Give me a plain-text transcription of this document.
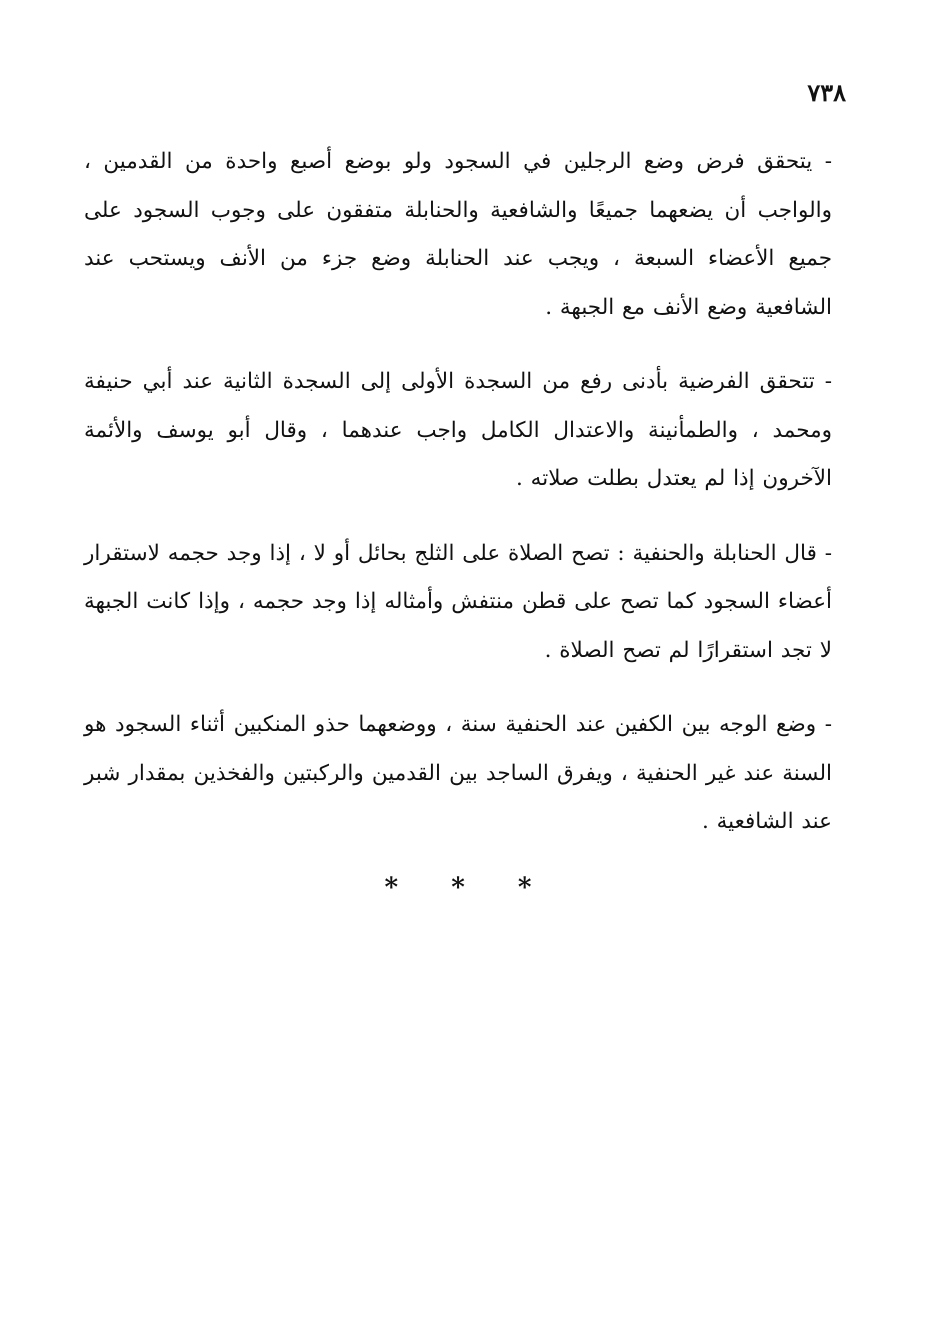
٧٣٨

- يتحقق فرض وضع الرجلين في السجود ولو بوضع أصبع واحدة من القدمين ، والواجب أن يضعهما جميعًا والشافعية والحنابلة متفقون على وجوب السجود على جميع الأعضاء السبعة ، ويجب عند الحنابلة وضع جزء من الأنف ويستحب عند الشافعية وضع الأنف مع الجبهة .

- تتحقق الفرضية بأدنى رفع من السجدة الأولى إلى السجدة الثانية عند أبي حنيفة ومحمد ، والطمأنينة والاعتدال الكامل واجب عندهما ، وقال أبو يوسف والأئمة الآخرون إذا لم يعتدل بطلت صلاته .

- قال الحنابلة والحنفية : تصح الصلاة على الثلج بحائل أو لا ، إذا وجد حجمه لاستقرار أعضاء السجود كما تصح على قطن منتفش وأمثاله إذا وجد حجمه ، وإذا كانت الجبهة لا تجد استقرارًا لم تصح الصلاة .

- وضع الوجه بين الكفين عند الحنفية سنة ، ووضعهما حذو المنكبين أثناء السجود هو السنة عند غير الحنفية ، ويفرق الساجد بين القدمين والركبتين والفخذين بمقدار شبر عند الشافعية .

* * *
